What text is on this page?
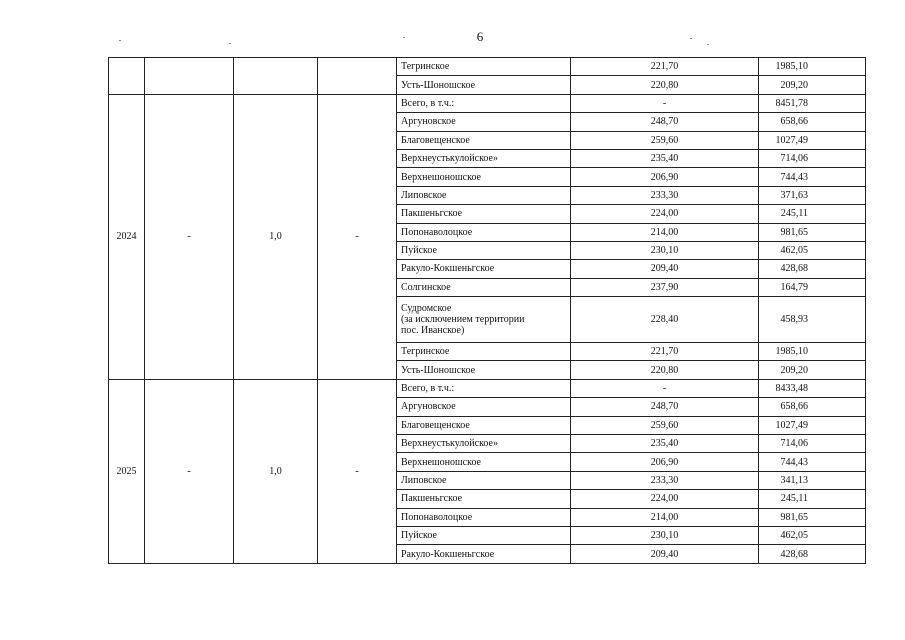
6
				Тегринское	221,70	1985,10
				Усть-Шоношское	220,80	209,20
2024	-	1,0	-	Всего, в т.ч.:	-	8451,78
				Аргуновское	248,70	658,66
				Благовещенское	259,60	1027,49
				Верхнеустькулойское»	235,40	714,06
				Верхнешоношское	206,90	744,43
				Липовское	233,30	371,63
				Пакшеньгское	224,00	245,11
				Попонаволоцкое	214,00	981,65
				Пуйское	230,10	462,05
				Ракуло-Кокшеньгское	209,40	428,68
				Солгинское	237,90	164,79

				Судромское
(за исключением территории
пос. Иванское)	228,40	458,93
				Тегринское	221,70	1985,10
				Усть-Шоношское	220,80	209,20
2025	-	1,0	-	Всего, в т.ч.:	-	8433,48
				Аргуновское	248,70	658,66
				Благовещенское	259,60	1027,49
				Верхнеустькулойское»	235,40	714,06
				Верхнешоношское	206,90	744,43
				Липовское	233,30	341,13
				Пакшеньгское	224,00	245,11
				Попонаволоцкое	214,00	981,65
				Пуйское	230,10	462,05
				Ракуло-Кокшеньгское	209,40	428,68
